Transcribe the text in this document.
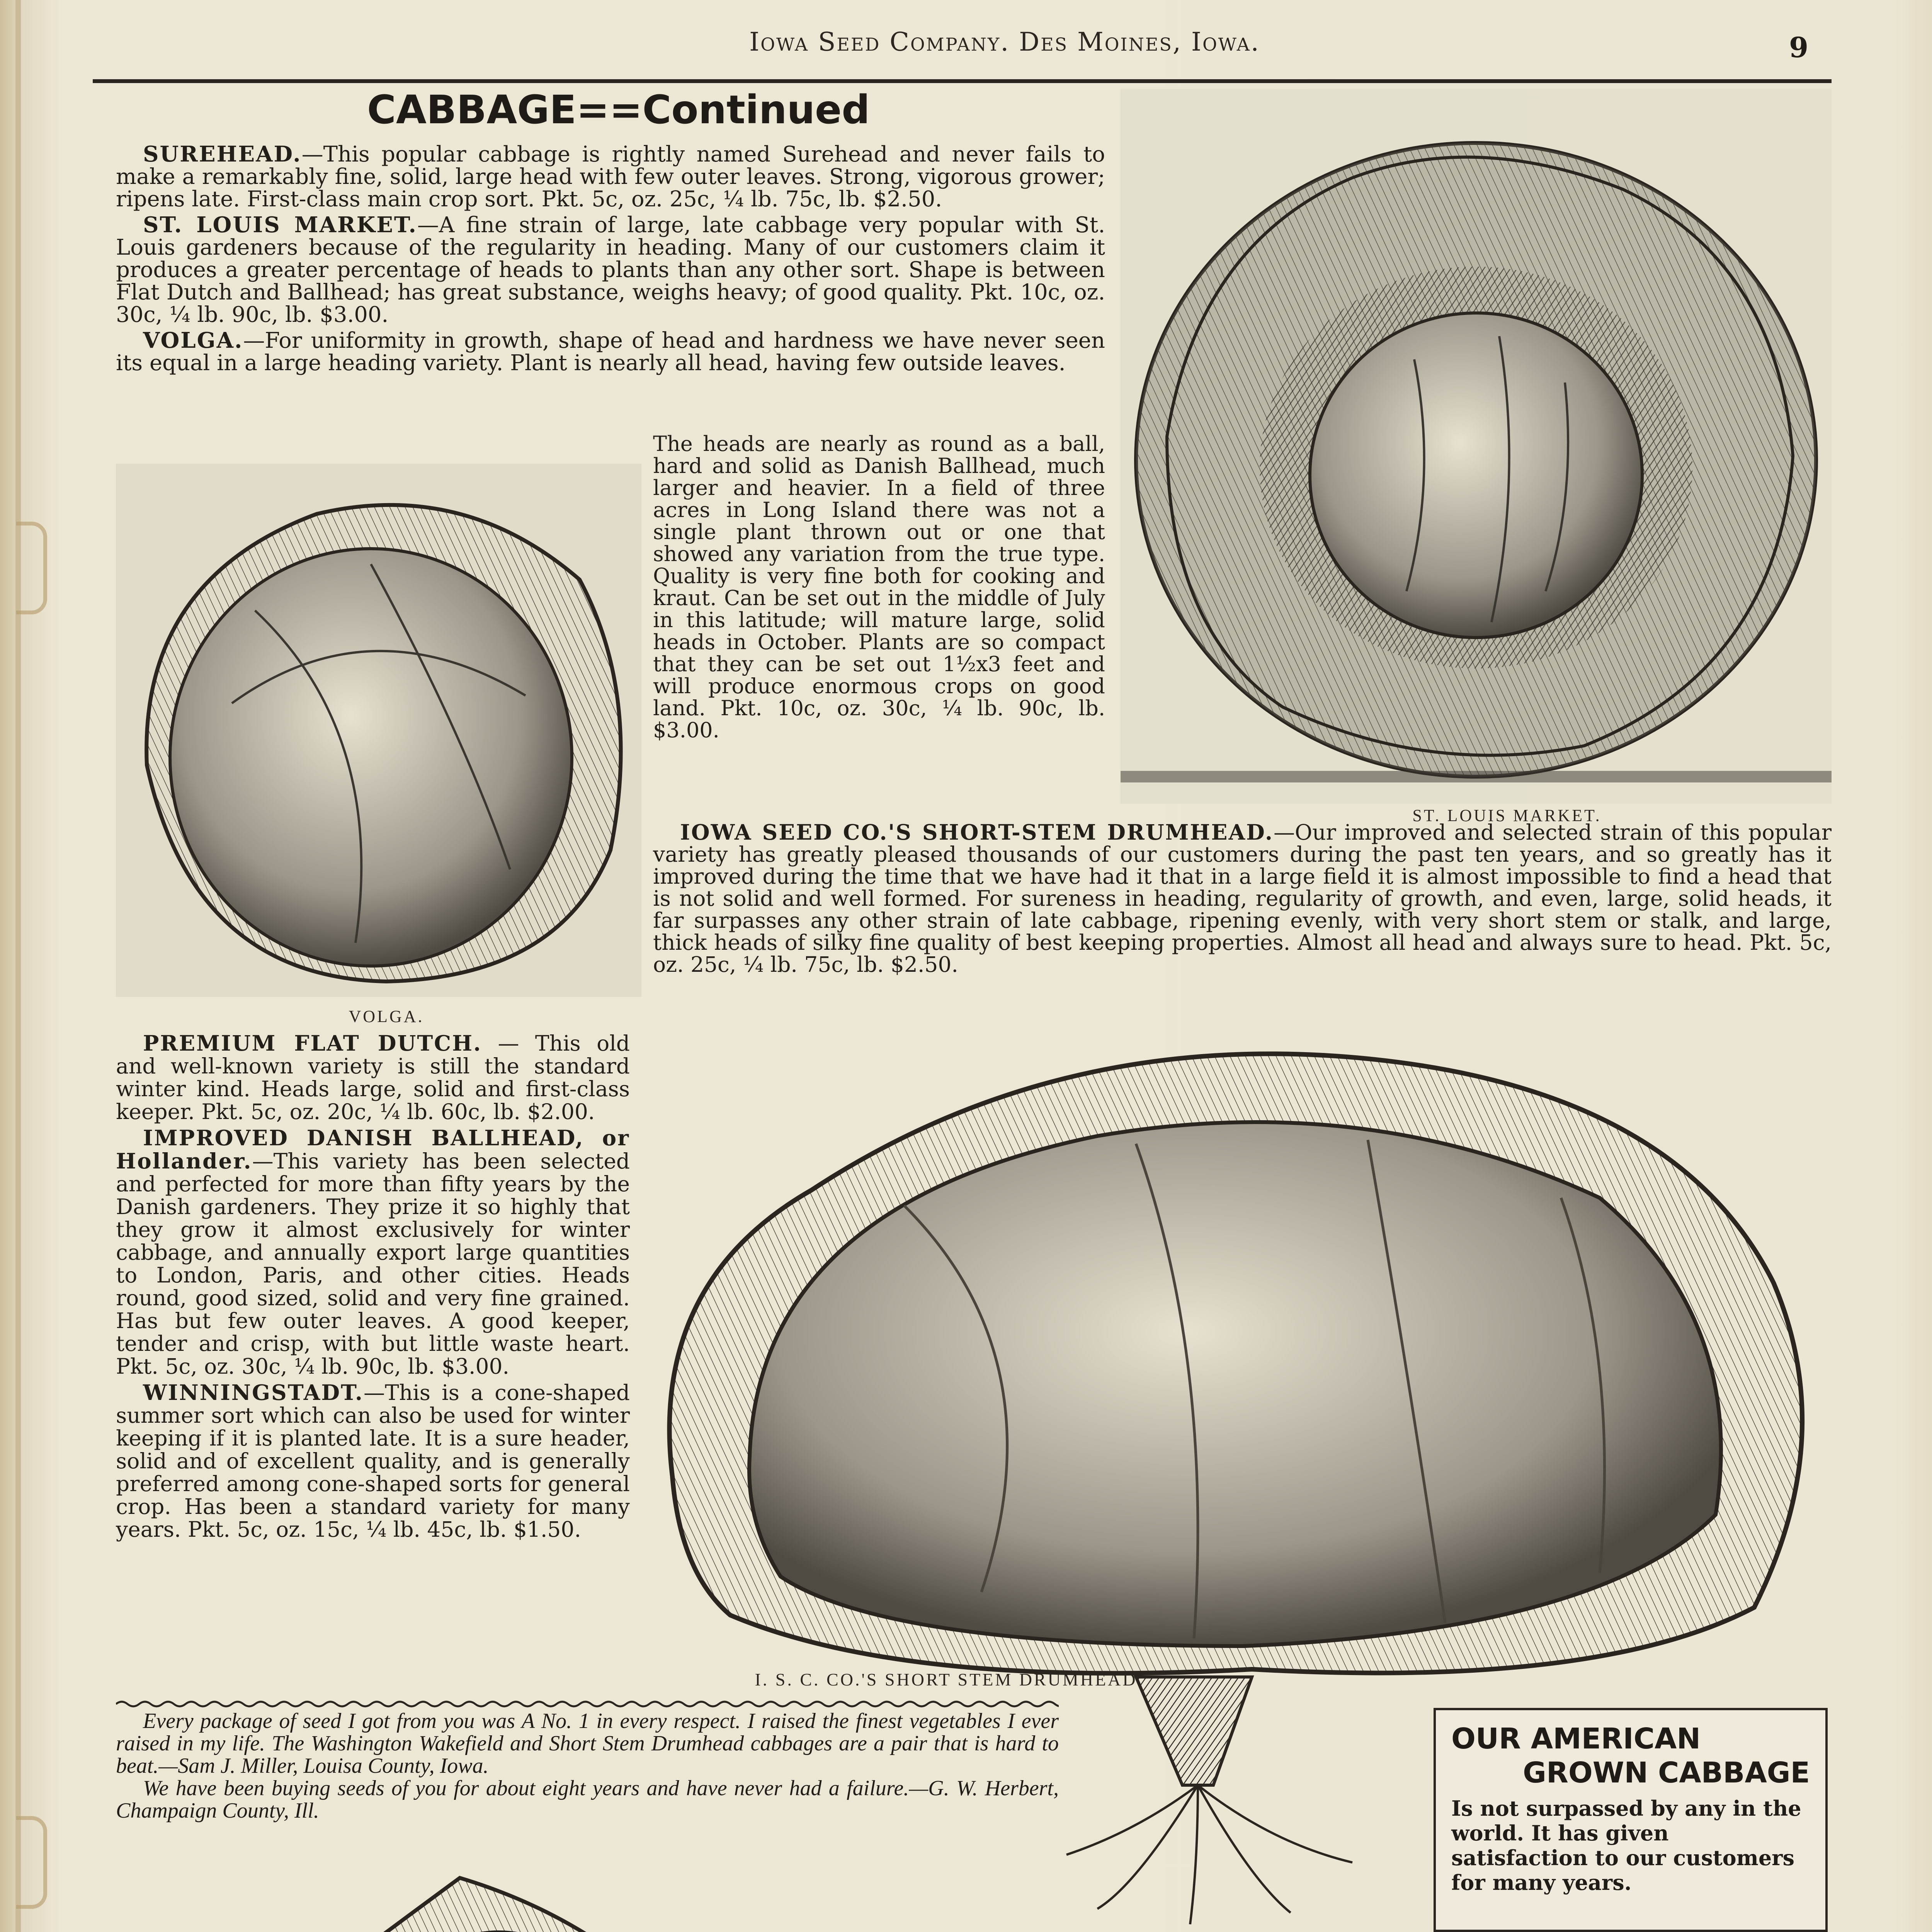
Iowa Seed Company. Des Moines, Iowa.	9
CABBAGE==Continued
ST. LOUIS MARKET.
VOLGA.
I. S. C. CO.'S SHORT STEM DRUMHEAD.

SUREHEAD.—This popular cabbage is rightly named Surehead and never fails to make a remarkably fine, solid, large head with few outer leaves. Strong, vigorous grower; ripens late. First-class main crop sort. Pkt. 5c, oz. 25c, ¼ lb. 75c, lb. $2.50.

ST. LOUIS MARKET.—A fine strain of large, late cabbage very popular with St. Louis gardeners because of the regularity in heading. Many of our customers claim it produces a greater percentage of heads to plants than any other sort. Shape is between Flat Dutch and Ballhead; has great substance, weighs heavy; of good quality. Pkt. 10c, oz. 30c, ¼ lb. 90c, lb. $3.00.

VOLGA.—For uniformity in growth, shape of head and hardness we have never seen its equal in a large heading variety. Plant is nearly all head, having few outside leaves.

The heads are nearly as round as a ball, hard and solid as Danish Ballhead, much larger and heavier. In a field of three acres in Long Island there was not a single plant thrown out or one that showed any variation from the true type. Quality is very fine both for cooking and kraut. Can be set out in the middle of July in this latitude; will mature large, solid heads in October. Plants are so compact that they can be set out 1½x3 feet and will produce enormous crops on good land. Pkt. 10c, oz. 30c, ¼ lb. 90c, lb. $3.00.

IOWA SEED CO.'S SHORT-STEM DRUMHEAD.—Our improved and selected strain of this popular variety has greatly pleased thousands of our customers during the past ten years, and so greatly has it improved during the time that we have had it that in a large field it is almost impossible to find a head that is not solid and well formed. For sureness in heading, regularity of growth, and even, large, solid heads, it far surpasses any other strain of late cabbage, ripening evenly, with very short stem or stalk, and large, thick heads of silky fine quality of best keeping properties. Almost all head and always sure to head. Pkt. 5c, oz. 25c, ¼ lb. 75c, lb. $2.50.

PREMIUM FLAT DUTCH. — This old and well-known variety is still the standard winter kind. Heads large, solid and first-class keeper. Pkt. 5c, oz. 20c, ¼ lb. 60c, lb. $2.00.

IMPROVED DANISH BALLHEAD, or Hollander.—This variety has been selected and perfected for more than fifty years by the Danish gardeners. They prize it so highly that they grow it almost exclusively for winter cabbage, and annually export large quantities to London, Paris, and other cities. Heads round, good sized, solid and very fine grained. Has but few outer leaves. A good keeper, tender and crisp, with but little waste heart. Pkt. 5c, oz. 30c, ¼ lb. 90c, lb. $3.00.

WINNINGSTADT.—This is a cone-shaped summer sort which can also be used for winter keeping if it is planted late. It is a sure header, solid and of excellent quality, and is generally preferred among cone-shaped sorts for general crop. Has been a standard variety for many years. Pkt. 5c, oz. 15c, ¼ lb. 45c, lb. $1.50.

Every package of seed I got from you was A No. 1 in every respect. I raised the finest vegetables I ever raised in my life. The Washington Wakefield and Short Stem Drumhead cabbages are a pair that is hard to beat.—Sam J. Miller, Louisa County, Iowa.

We have been buying seeds of you for about eight years and have never had a failure.—G. W. Herbert, Champaign County, Ill.

OUR AMERICAN
GROWN CABBAGE
Is not surpassed by any in the world. It has given satisfaction to our customers for many years.
